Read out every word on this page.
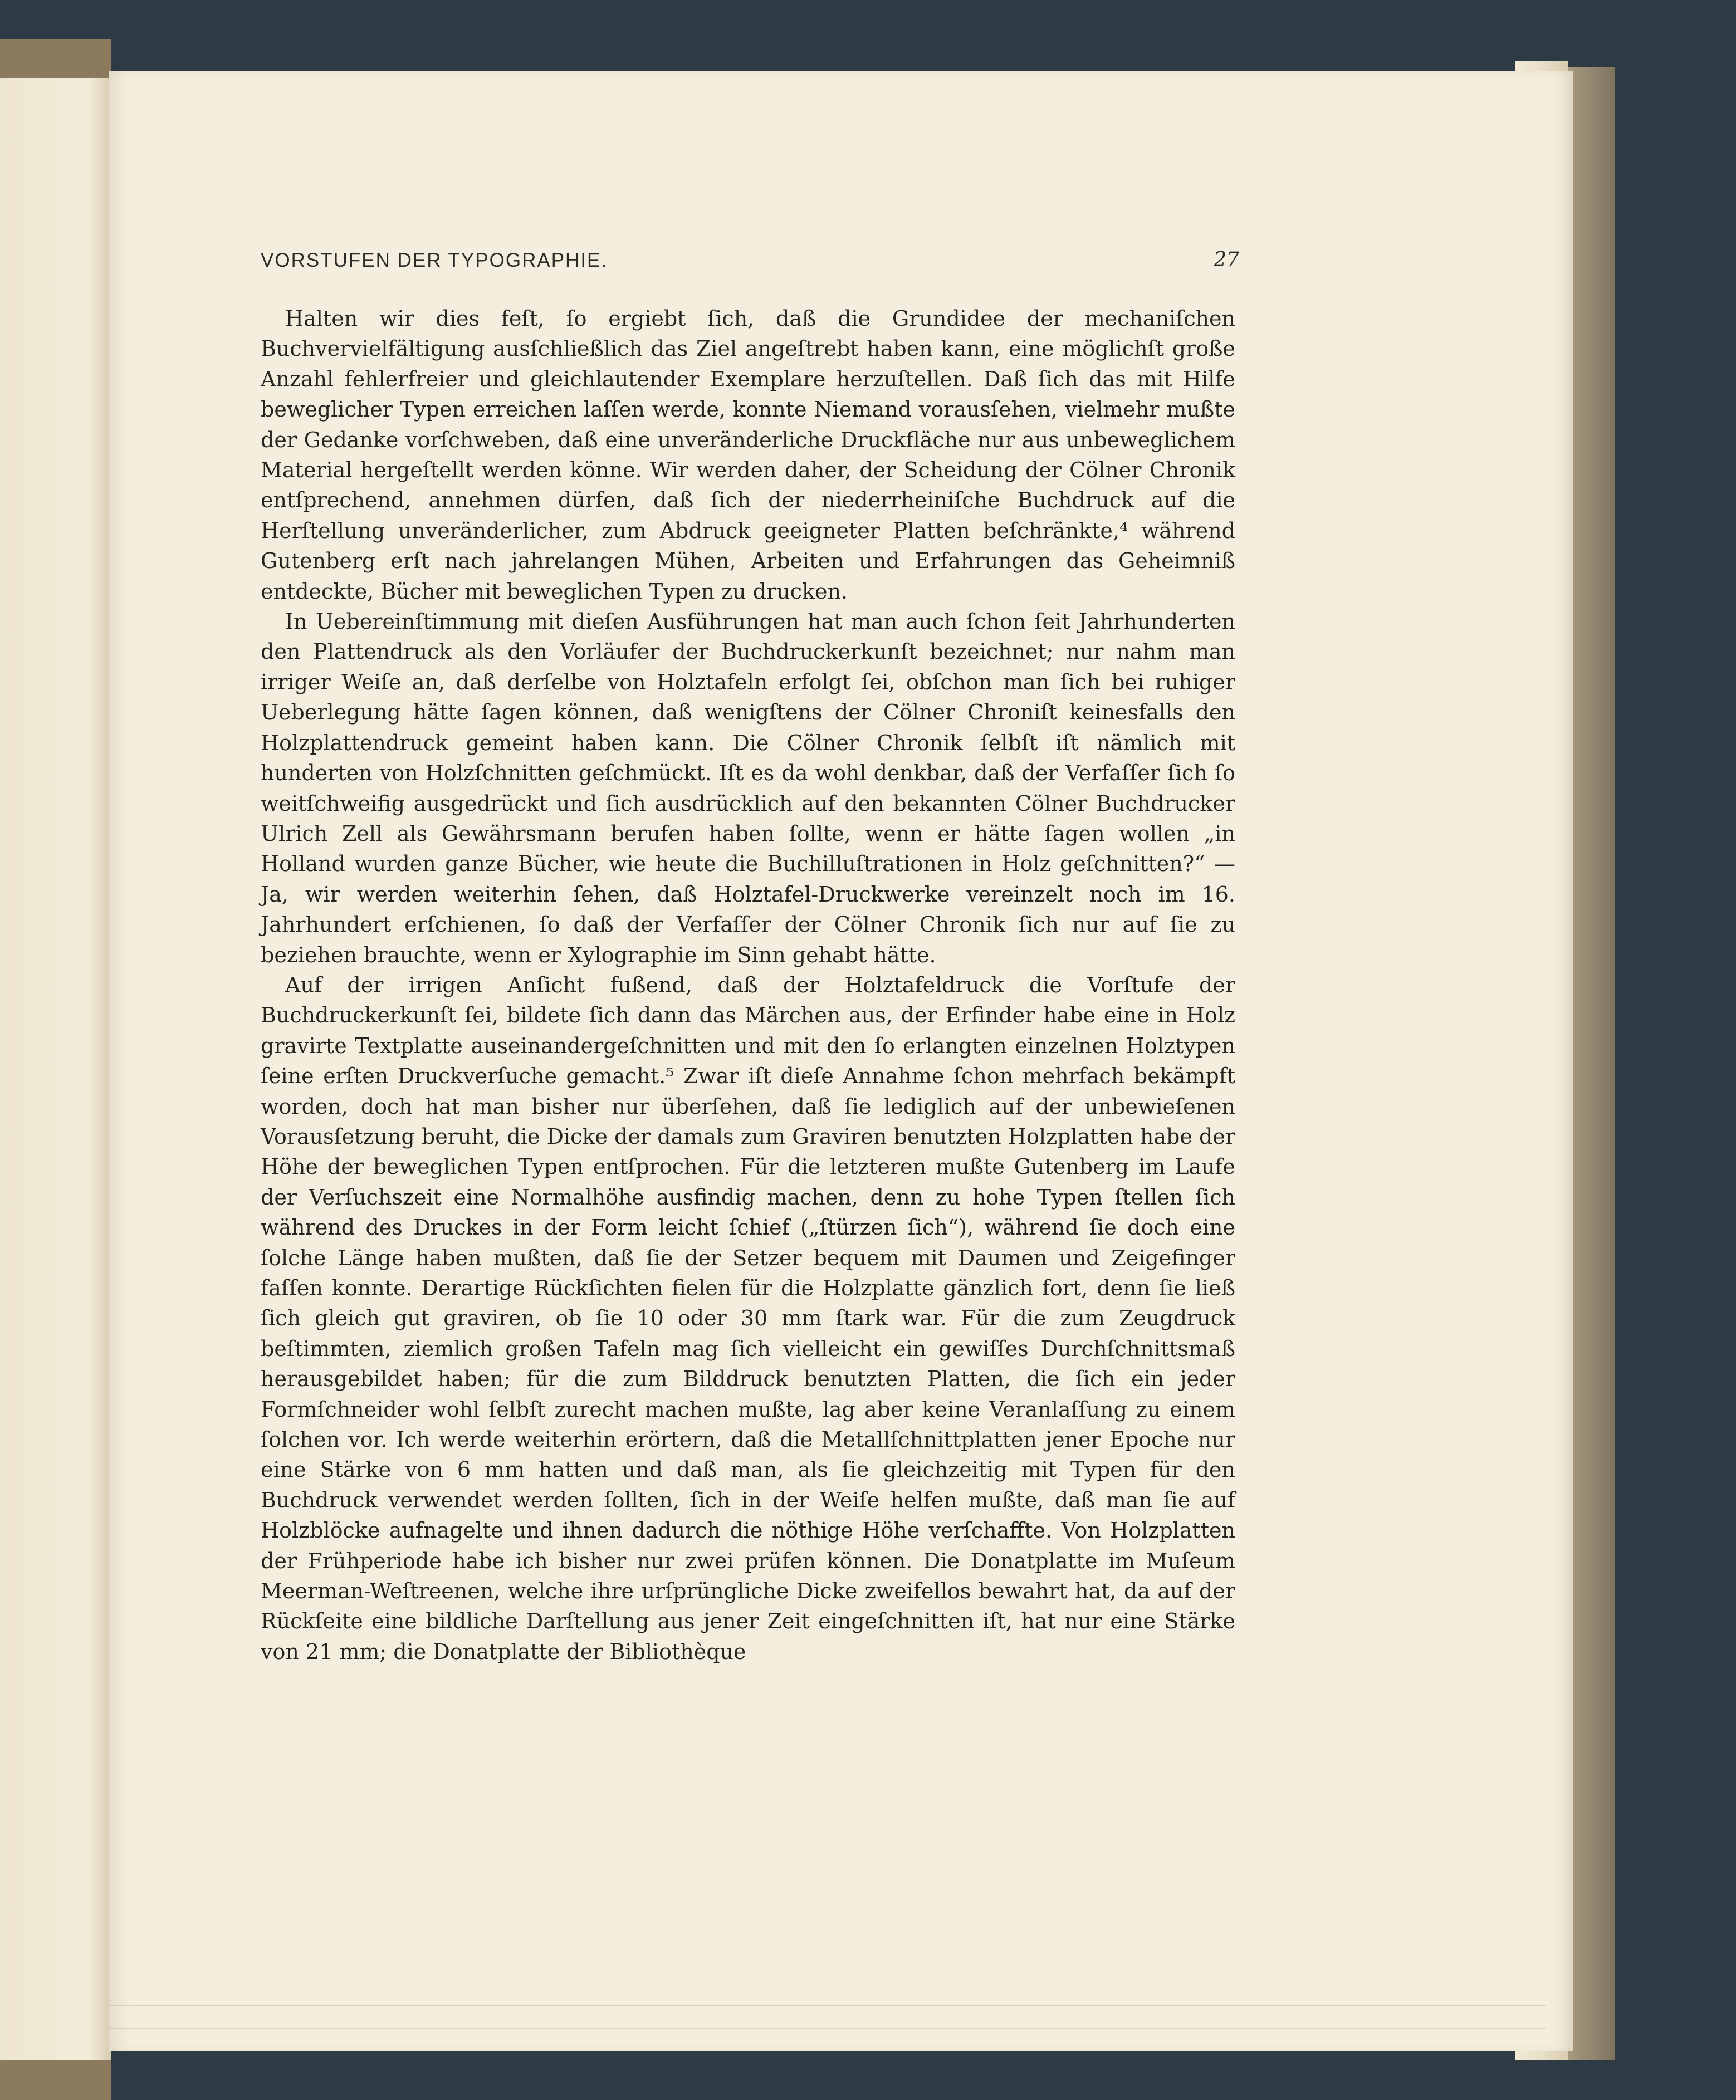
VORSTUFEN DER TYPOGRAPHIE.	27

Halten wir dies feſt, ſo ergiebt ſich, daß die Grundidee der mechaniſchen Buchvervielfältigung ausſchließlich das Ziel angeſtrebt haben kann, eine möglichſt große Anzahl fehlerfreier und gleichlautender Exemplare herzuſtellen. Daß ſich das mit Hilfe beweglicher Typen erreichen laſſen werde, konnte Niemand vorausſehen, vielmehr mußte der Gedanke vorſchweben, daß eine unveränderliche Druckfläche nur aus unbeweglichem Material hergeſtellt werden könne. Wir werden daher, der Scheidung der Cölner Chronik entſprechend, annehmen dürfen, daß ſich der niederrheiniſche Buchdruck auf die Herſtellung unveränderlicher, zum Abdruck geeigneter Platten beſchränkte,⁴ während Gutenberg erſt nach jahrelangen Mühen, Arbeiten und Erfahrungen das Geheimniß entdeckte, Bücher mit beweglichen Typen zu drucken.

In Uebereinſtimmung mit dieſen Ausführungen hat man auch ſchon ſeit Jahrhunderten den Plattendruck als den Vorläufer der Buchdruckerkunſt bezeichnet; nur nahm man irriger Weiſe an, daß derſelbe von Holztafeln erfolgt ſei, obſchon man ſich bei ruhiger Ueberlegung hätte ſagen können, daß wenigſtens der Cölner Chroniſt keinesfalls den Holzplattendruck gemeint haben kann. Die Cölner Chronik ſelbſt iſt nämlich mit hunderten von Holzſchnitten geſchmückt. Iſt es da wohl denkbar, daß der Verfaſſer ſich ſo weitſchweifig ausgedrückt und ſich ausdrücklich auf den bekannten Cölner Buchdrucker Ulrich Zell als Gewährsmann berufen haben ſollte, wenn er hätte ſagen wollen „in Holland wurden ganze Bücher, wie heute die Buchilluſtrationen in Holz geſchnitten?“ — Ja, wir werden weiterhin ſehen, daß Holztafel-Druckwerke vereinzelt noch im 16. Jahrhundert erſchienen, ſo daß der Verfaſſer der Cölner Chronik ſich nur auf ſie zu beziehen brauchte, wenn er Xylographie im Sinn gehabt hätte.

Auf der irrigen Anſicht fußend, daß der Holztafeldruck die Vorſtufe der Buchdruckerkunſt ſei, bildete ſich dann das Märchen aus, der Erfinder habe eine in Holz gravirte Textplatte auseinandergeſchnitten und mit den ſo erlangten einzelnen Holztypen ſeine erſten Druckverſuche gemacht.⁵ Zwar iſt dieſe Annahme ſchon mehrfach bekämpft worden, doch hat man bisher nur überſehen, daß ſie lediglich auf der unbewieſenen Vorausſetzung beruht, die Dicke der damals zum Graviren benutzten Holzplatten habe der Höhe der beweglichen Typen entſprochen. Für die letzteren mußte Gutenberg im Laufe der Verſuchszeit eine Normalhöhe ausfindig machen, denn zu hohe Typen ſtellen ſich während des Druckes in der Form leicht ſchief („ſtürzen ſich“), während ſie doch eine ſolche Länge haben mußten, daß ſie der Setzer bequem mit Daumen und Zeigefinger faſſen konnte. Derartige Rückſichten fielen für die Holzplatte gänzlich fort, denn ſie ließ ſich gleich gut graviren, ob ſie 10 oder 30 mm ſtark war. Für die zum Zeugdruck beſtimmten, ziemlich großen Tafeln mag ſich vielleicht ein gewiſſes Durchſchnittsmaß herausgebildet haben; für die zum Bilddruck benutzten Platten, die ſich ein jeder Formſchneider wohl ſelbſt zurecht machen mußte, lag aber keine Veranlaſſung zu einem ſolchen vor. Ich werde weiterhin erörtern, daß die Metallſchnittplatten jener Epoche nur eine Stärke von 6 mm hatten und daß man, als ſie gleichzeitig mit Typen für den Buchdruck verwendet werden ſollten, ſich in der Weiſe helfen mußte, daß man ſie auf Holzblöcke aufnagelte und ihnen dadurch die nöthige Höhe verſchaffte. Von Holzplatten der Frühperiode habe ich bisher nur zwei prüfen können. Die Donatplatte im Muſeum Meerman-Weſtreenen, welche ihre urſprüngliche Dicke zweifellos bewahrt hat, da auf der Rückſeite eine bildliche Darſtellung aus jener Zeit eingeſchnitten iſt, hat nur eine Stärke von 21 mm; die Donatplatte der Bibliothèque
